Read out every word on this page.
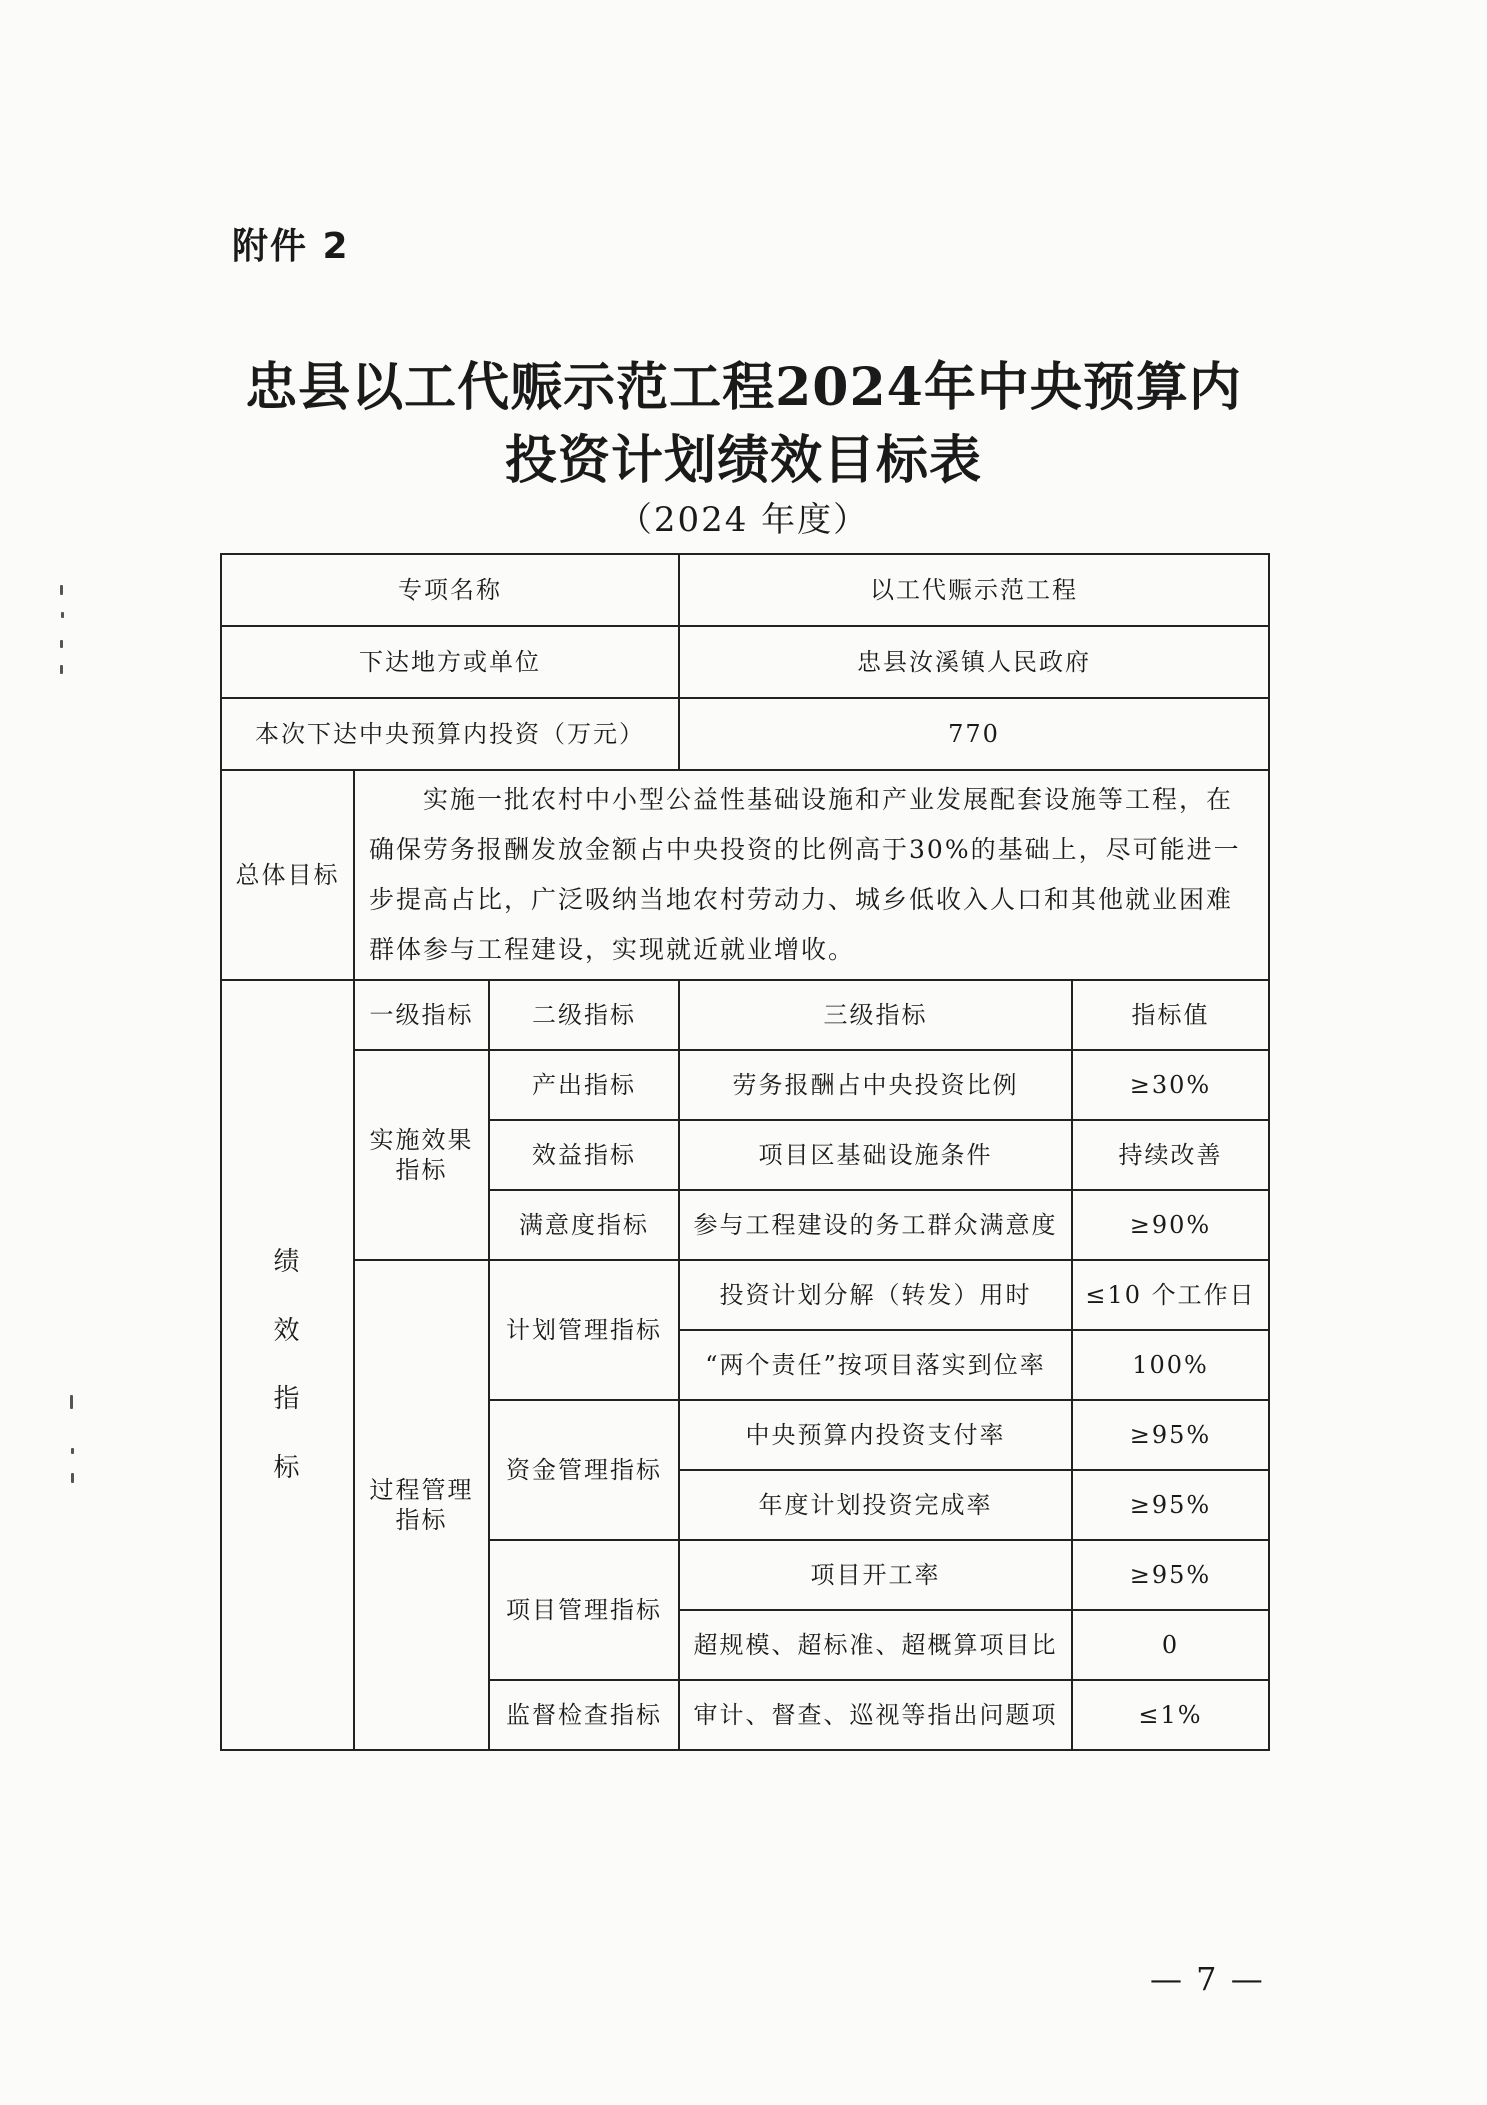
附件 2
忠县以工代赈示范工程2024年中央预算内
投资计划绩效目标表
（2024 年度）
专项名称			以工代赈示范工程	
下达地方或单位			忠县汝溪镇人民政府	
本次下达中央预算内投资（万元）			770	
总体目标	　　实施一批农村中小型公益性基础设施和产业发展配套设施等工程，在确保劳务报酬发放金额占中央投资的比例高于30%的基础上，尽可能进一步提高占比，广泛吸纳当地农村劳动力、城乡低收入人口和其他就业困难群体参与工程建设，实现就近就业增收。			

绩
效
指
标	一级指标	二级指标	三级指标	指标值

	实施效果
指标	产出指标	劳务报酬占中央投资比例	≥30%
		效益指标	项目区基础设施条件	持续改善
		满意度指标	参与工程建设的务工群众满意度	≥90%

	过程管理
指标	计划管理指标	投资计划分解（转发）用时	≤10 个工作日
			“两个责任”按项目落实到位率	100%
		资金管理指标	中央预算内投资支付率	≥95%
			年度计划投资完成率	≥95%
		项目管理指标	项目开工率	≥95%
			超规模、超标准、超概算项目比	0
		监督检查指标	审计、督查、巡视等指出问题项	≤1%
— 7 —
